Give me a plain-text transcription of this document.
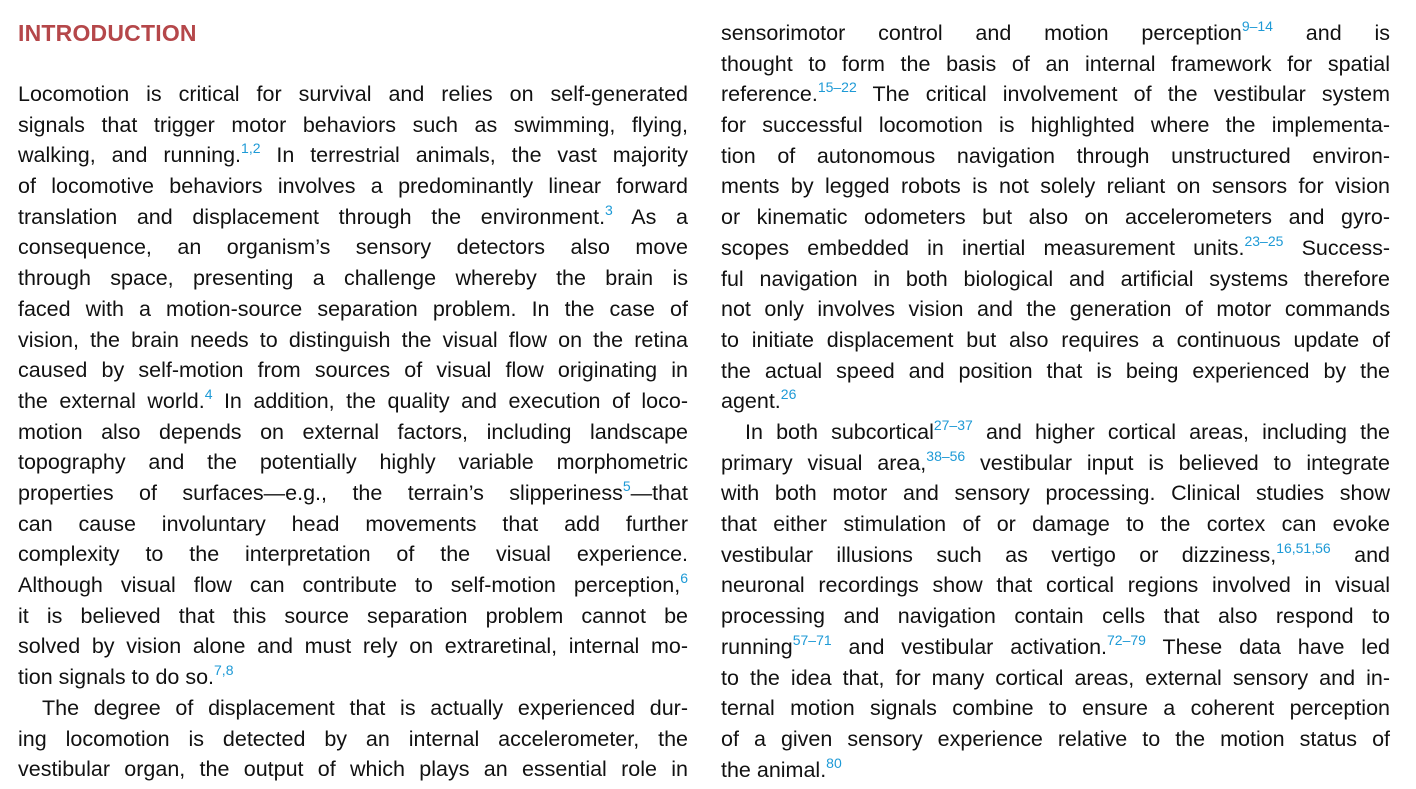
INTRODUCTION

Locomotion is critical for survival and relies on self-generated
signals that trigger motor behaviors such as swimming, flying,
walking, and running.$^{1,2}$ In terrestrial animals, the vast majority
of locomotive behaviors involves a predominantly linear forward
translation and displacement through the environment.$^3$ As a
consequence, an organism’s sensory detectors also move
through space, presenting a challenge whereby the brain is
faced with a motion-source separation problem. In the case of
vision, the brain needs to distinguish the visual flow on the retina
caused by self-motion from sources of visual flow originating in
the external world.$^4$ In addition, the quality and execution of loco-
motion also depends on external factors, including landscape
topography and the potentially highly variable morphometric
properties of surfaces—e.g., the terrain’s slipperiness$^5$—that
can cause involuntary head movements that add further
complexity to the interpretation of the visual experience.
Although visual flow can contribute to self-motion perception,$^6$
it is believed that this source separation problem cannot be
solved by vision alone and must rely on extraretinal, internal mo-
tion signals to do so.$^{7,8}$

The degree of displacement that is actually experienced dur-
ing locomotion is detected by an internal accelerometer, the
vestibular organ, the output of which plays an essential role in

sensorimotor control and motion perception$^{9-14}$ and is
thought to form the basis of an internal framework for spatial
reference.$^{15-22}$ The critical involvement of the vestibular system
for successful locomotion is highlighted where the implementa-
tion of autonomous navigation through unstructured environ-
ments by legged robots is not solely reliant on sensors for vision
or kinematic odometers but also on accelerometers and gyro-
scopes embedded in inertial measurement units.$^{23-25}$ Success-
ful navigation in both biological and artificial systems therefore
not only involves vision and the generation of motor commands
to initiate displacement but also requires a continuous update of
the actual speed and position that is being experienced by the
agent.$^{26}$

In both subcortical$^{27-37}$ and higher cortical areas, including the
primary visual area,$^{38-56}$ vestibular input is believed to integrate
with both motor and sensory processing. Clinical studies show
that either stimulation of or damage to the cortex can evoke
vestibular illusions such as vertigo or dizziness,$^{16,51,56}$ and
neuronal recordings show that cortical regions involved in visual
processing and navigation contain cells that also respond to
running$^{57-71}$ and vestibular activation.$^{72-79}$ These data have led
to the idea that, for many cortical areas, external sensory and in-
ternal motion signals combine to ensure a coherent perception
of a given sensory experience relative to the motion status of
the animal.$^{80}$
